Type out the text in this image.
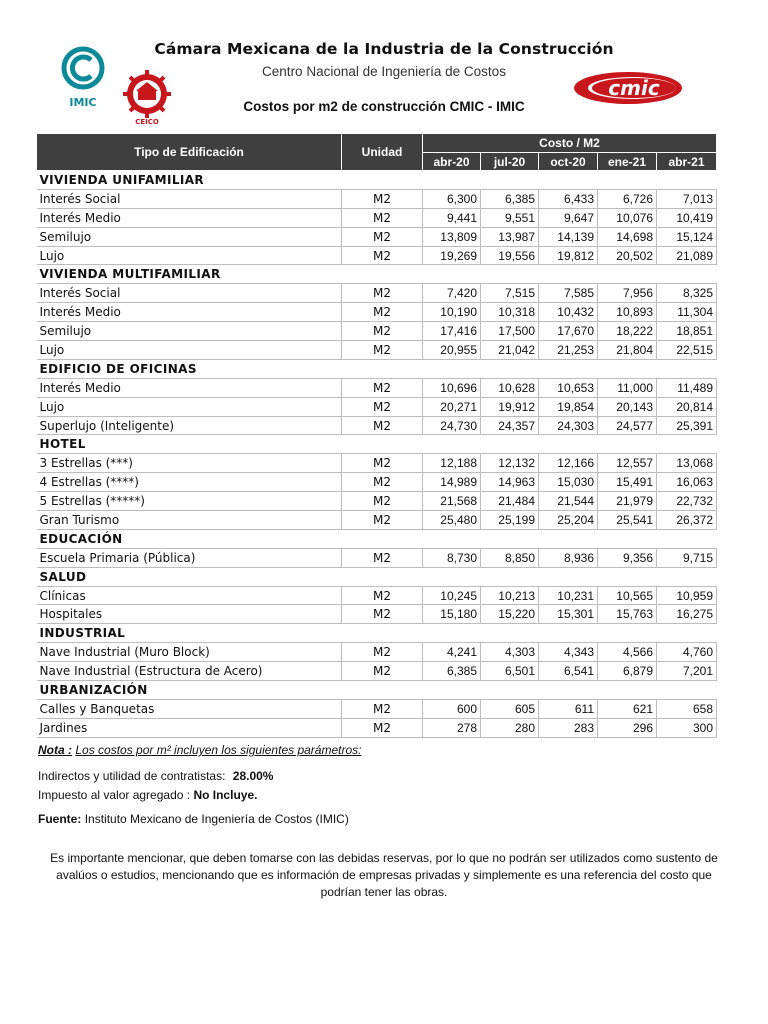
IMIC
CEICO
cmic
Cámara Mexicana de la Industria de la Construcción
Centro Nacional de Ingeniería de Costos
Costos por m2 de construcción CMIC - IMIC
Tipo de Edificación	Unidad	Costo / M2				
		abr-20	jul-20	oct-20	ene-21	abr-21
VIVIENDA UNIFAMILIAR						
Interés Social	M2	6,300	6,385	6,433	6,726	7,013
Interés Medio	M2	9,441	9,551	9,647	10,076	10,419
Semilujo	M2	13,809	13,987	14,139	14,698	15,124
Lujo	M2	19,269	19,556	19,812	20,502	21,089
VIVIENDA MULTIFAMILIAR						
Interés Social	M2	7,420	7,515	7,585	7,956	8,325
Interés Medio	M2	10,190	10,318	10,432	10,893	11,304
Semilujo	M2	17,416	17,500	17,670	18,222	18,851
Lujo	M2	20,955	21,042	21,253	21,804	22,515
EDIFICIO DE OFICINAS						
Interés Medio	M2	10,696	10,628	10,653	11,000	11,489
Lujo	M2	20,271	19,912	19,854	20,143	20,814
Superlujo (Inteligente)	M2	24,730	24,357	24,303	24,577	25,391
HOTEL						
3 Estrellas (***)	M2	12,188	12,132	12,166	12,557	13,068
4 Estrellas (****)	M2	14,989	14,963	15,030	15,491	16,063
5 Estrellas (*****)	M2	21,568	21,484	21,544	21,979	22,732
Gran Turismo	M2	25,480	25,199	25,204	25,541	26,372
EDUCACIÓN						
Escuela Primaria (Pública)	M2	8,730	8,850	8,936	9,356	9,715
SALUD						
Clínicas	M2	10,245	10,213	10,231	10,565	10,959
Hospitales	M2	15,180	15,220	15,301	15,763	16,275
INDUSTRIAL						
Nave Industrial (Muro Block)	M2	4,241	4,303	4,343	4,566	4,760
Nave Industrial (Estructura de Acero)	M2	6,385	6,501	6,541	6,879	7,201
URBANIZACIÓN						
Calles y Banquetas	M2	600	605	611	621	658
Jardines	M2	278	280	283	296	300
Nota : Los costos por m² incluyen los siguientes parámetros:
Indirectos y utilidad de contratistas: 28.00%
Impuesto al valor agregado : No Incluye.
Fuente: Instituto Mexicano de Ingeniería de Costos (IMIC)
Es importante mencionar, que deben tomarse con las debidas reservas, por lo que no podrán ser utilizados como sustento de avalúos o estudios, mencionando que es información de empresas privadas y simplemente es una referencia del costo que podrían tener las obras.
